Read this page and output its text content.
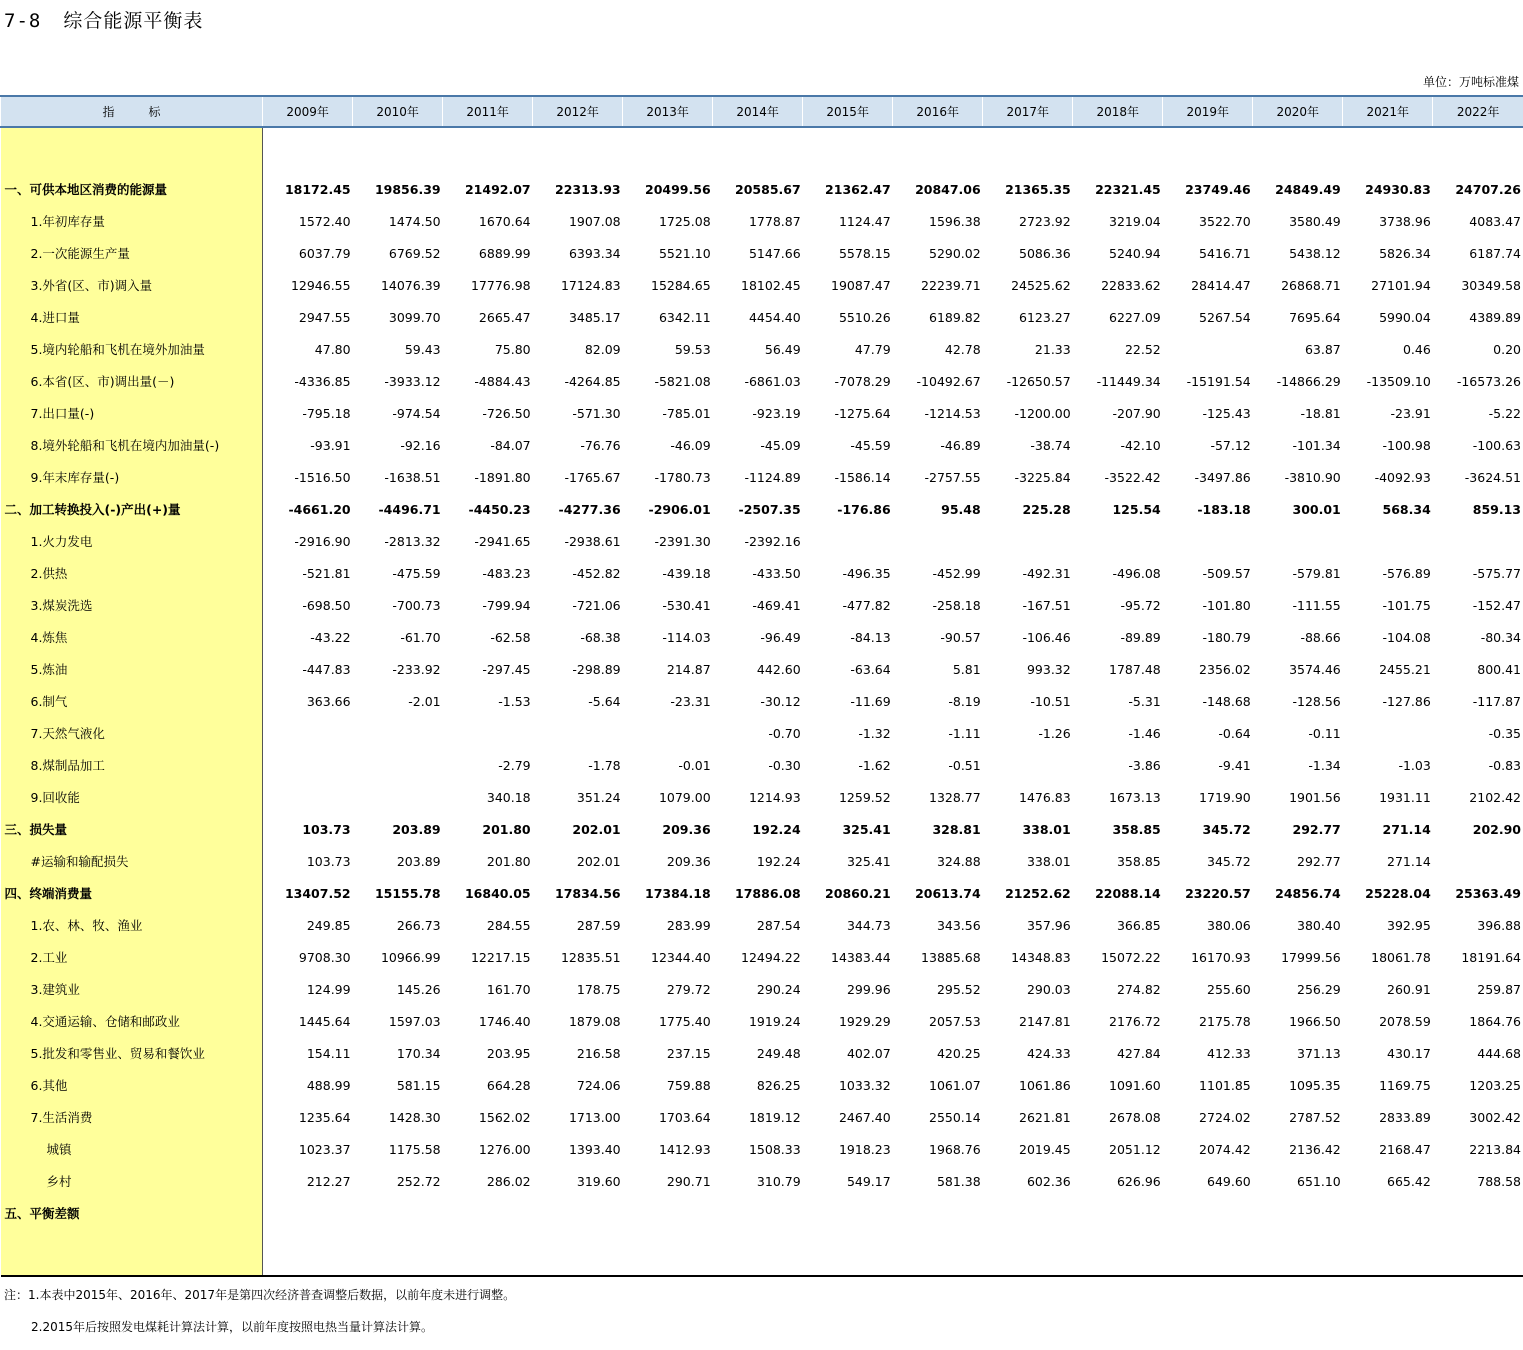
7-8 综合能源平衡表
单位：万吨标准煤
指标	2009年	2010年	2011年	2012年	2013年	2014年	2015年	2016年	2017年	2018年	2019年	2020年	2021年	2022年

一、可供本地区消费的能源量	18172.45	19856.39	21492.07	22313.93	20499.56	20585.67	21362.47	20847.06	21365.35	22321.45	23749.46	24849.49	24930.83	24707.26
1.年初库存量	1572.40	1474.50	1670.64	1907.08	1725.08	1778.87	1124.47	1596.38	2723.92	3219.04	3522.70	3580.49	3738.96	4083.47
2.一次能源生产量	6037.79	6769.52	6889.99	6393.34	5521.10	5147.66	5578.15	5290.02	5086.36	5240.94	5416.71	5438.12	5826.34	6187.74
3.外省(区、市)调入量	12946.55	14076.39	17776.98	17124.83	15284.65	18102.45	19087.47	22239.71	24525.62	22833.62	28414.47	26868.71	27101.94	30349.58
4.进口量	2947.55	3099.70	2665.47	3485.17	6342.11	4454.40	5510.26	6189.82	6123.27	6227.09	5267.54	7695.64	5990.04	4389.89
5.境内轮船和飞机在境外加油量	47.80	59.43	75.80	82.09	59.53	56.49	47.79	42.78	21.33	22.52		63.87	0.46	0.20
6.本省(区、市)调出量(－)	-4336.85	-3933.12	-4884.43	-4264.85	-5821.08	-6861.03	-7078.29	-10492.67	-12650.57	-11449.34	-15191.54	-14866.29	-13509.10	-16573.26
7.出口量(-)	-795.18	-974.54	-726.50	-571.30	-785.01	-923.19	-1275.64	-1214.53	-1200.00	-207.90	-125.43	-18.81	-23.91	-5.22
8.境外轮船和飞机在境内加油量(-)	-93.91	-92.16	-84.07	-76.76	-46.09	-45.09	-45.59	-46.89	-38.74	-42.10	-57.12	-101.34	-100.98	-100.63
9.年末库存量(-)	-1516.50	-1638.51	-1891.80	-1765.67	-1780.73	-1124.89	-1586.14	-2757.55	-3225.84	-3522.42	-3497.86	-3810.90	-4092.93	-3624.51
二、加工转换投入(-)产出(+)量	-4661.20	-4496.71	-4450.23	-4277.36	-2906.01	-2507.35	-176.86	95.48	225.28	125.54	-183.18	300.01	568.34	859.13
1.火力发电	-2916.90	-2813.32	-2941.65	-2938.61	-2391.30	-2392.16								
2.供热	-521.81	-475.59	-483.23	-452.82	-439.18	-433.50	-496.35	-452.99	-492.31	-496.08	-509.57	-579.81	-576.89	-575.77
3.煤炭洗选	-698.50	-700.73	-799.94	-721.06	-530.41	-469.41	-477.82	-258.18	-167.51	-95.72	-101.80	-111.55	-101.75	-152.47
4.炼焦	-43.22	-61.70	-62.58	-68.38	-114.03	-96.49	-84.13	-90.57	-106.46	-89.89	-180.79	-88.66	-104.08	-80.34
5.炼油	-447.83	-233.92	-297.45	-298.89	214.87	442.60	-63.64	5.81	993.32	1787.48	2356.02	3574.46	2455.21	800.41
6.制气	363.66	-2.01	-1.53	-5.64	-23.31	-30.12	-11.69	-8.19	-10.51	-5.31	-148.68	-128.56	-127.86	-117.87
7.天然气液化						-0.70	-1.32	-1.11	-1.26	-1.46	-0.64	-0.11		-0.35
8.煤制品加工			-2.79	-1.78	-0.01	-0.30	-1.62	-0.51		-3.86	-9.41	-1.34	-1.03	-0.83
9.回收能			340.18	351.24	1079.00	1214.93	1259.52	1328.77	1476.83	1673.13	1719.90	1901.56	1931.11	2102.42
三、损失量	103.73	203.89	201.80	202.01	209.36	192.24	325.41	328.81	338.01	358.85	345.72	292.77	271.14	202.90
#运输和输配损失	103.73	203.89	201.80	202.01	209.36	192.24	325.41	324.88	338.01	358.85	345.72	292.77	271.14	
四、终端消费量	13407.52	15155.78	16840.05	17834.56	17384.18	17886.08	20860.21	20613.74	21252.62	22088.14	23220.57	24856.74	25228.04	25363.49
1.农、林、牧、渔业	249.85	266.73	284.55	287.59	283.99	287.54	344.73	343.56	357.96	366.85	380.06	380.40	392.95	396.88
2.工业	9708.30	10966.99	12217.15	12835.51	12344.40	12494.22	14383.44	13885.68	14348.83	15072.22	16170.93	17999.56	18061.78	18191.64
3.建筑业	124.99	145.26	161.70	178.75	279.72	290.24	299.96	295.52	290.03	274.82	255.60	256.29	260.91	259.87
4.交通运输、仓储和邮政业	1445.64	1597.03	1746.40	1879.08	1775.40	1919.24	1929.29	2057.53	2147.81	2176.72	2175.78	1966.50	2078.59	1864.76
5.批发和零售业、贸易和餐饮业	154.11	170.34	203.95	216.58	237.15	249.48	402.07	420.25	424.33	427.84	412.33	371.13	430.17	444.68
6.其他	488.99	581.15	664.28	724.06	759.88	826.25	1033.32	1061.07	1061.86	1091.60	1101.85	1095.35	1169.75	1203.25
7.生活消费	1235.64	1428.30	1562.02	1713.00	1703.64	1819.12	2467.40	2550.14	2621.81	2678.08	2724.02	2787.52	2833.89	3002.42
城镇	1023.37	1175.58	1276.00	1393.40	1412.93	1508.33	1918.23	1968.76	2019.45	2051.12	2074.42	2136.42	2168.47	2213.84
乡村	212.27	252.72	286.02	319.60	290.71	310.79	549.17	581.38	602.36	626.96	649.60	651.10	665.42	788.58
五、平衡差额														

注：1.本表中2015年、2016年、2017年是第四次经济普查调整后数据，以前年度未进行调整。
2.2015年后按照发电煤耗计算法计算，以前年度按照电热当量计算法计算。
